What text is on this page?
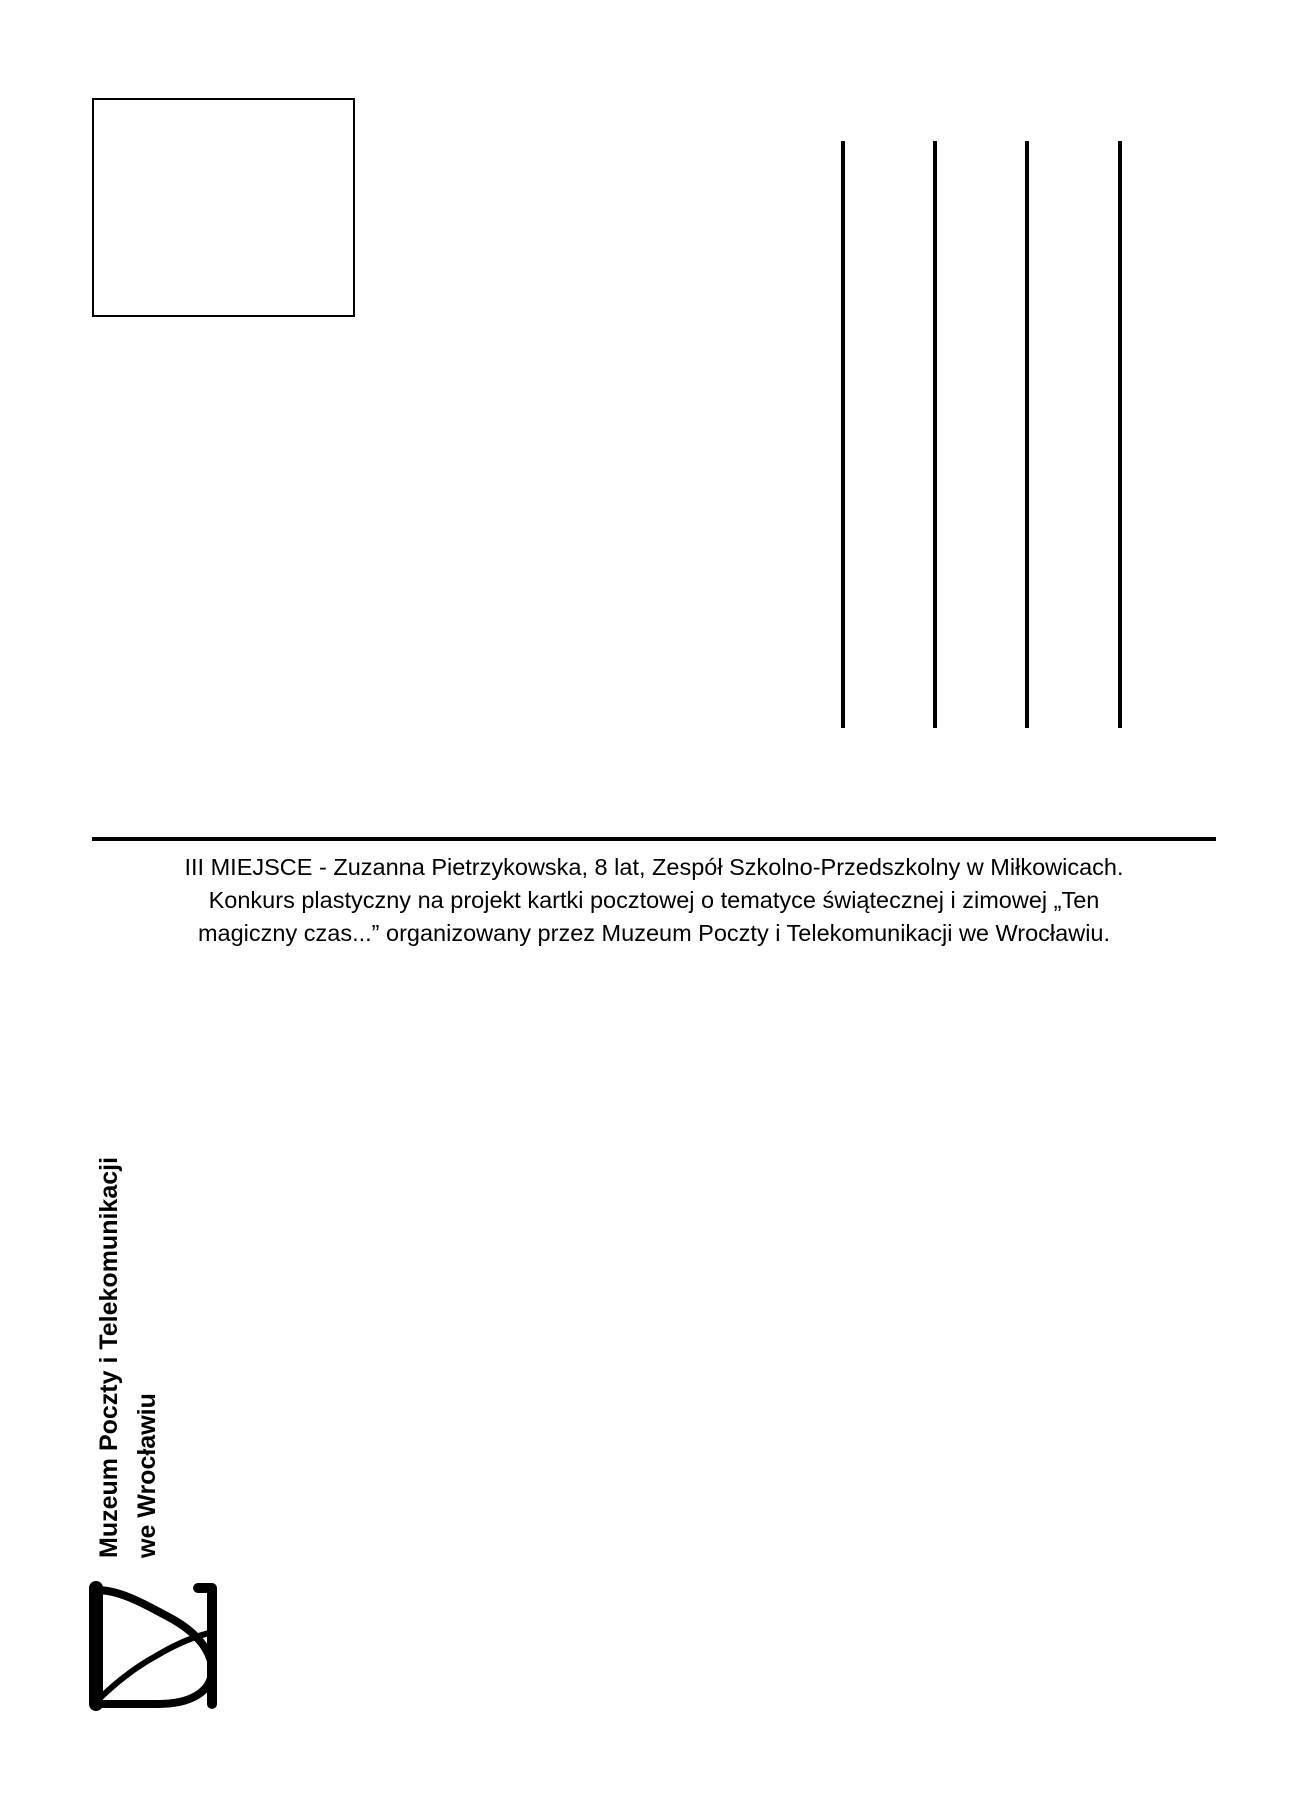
III MIEJSCE - Zuzanna Pietrzykowska, 8 lat, Zespół Szkolno-Przedszkolny w Miłkowicach.
Konkurs plastyczny na projekt kartki pocztowej o tematyce świątecznej i zimowej „Ten
magiczny czas...” organizowany przez Muzeum Poczty i Telekomunikacji we Wrocławiu.
Muzeum Poczty i Telekomunikacji we Wrocławiu
